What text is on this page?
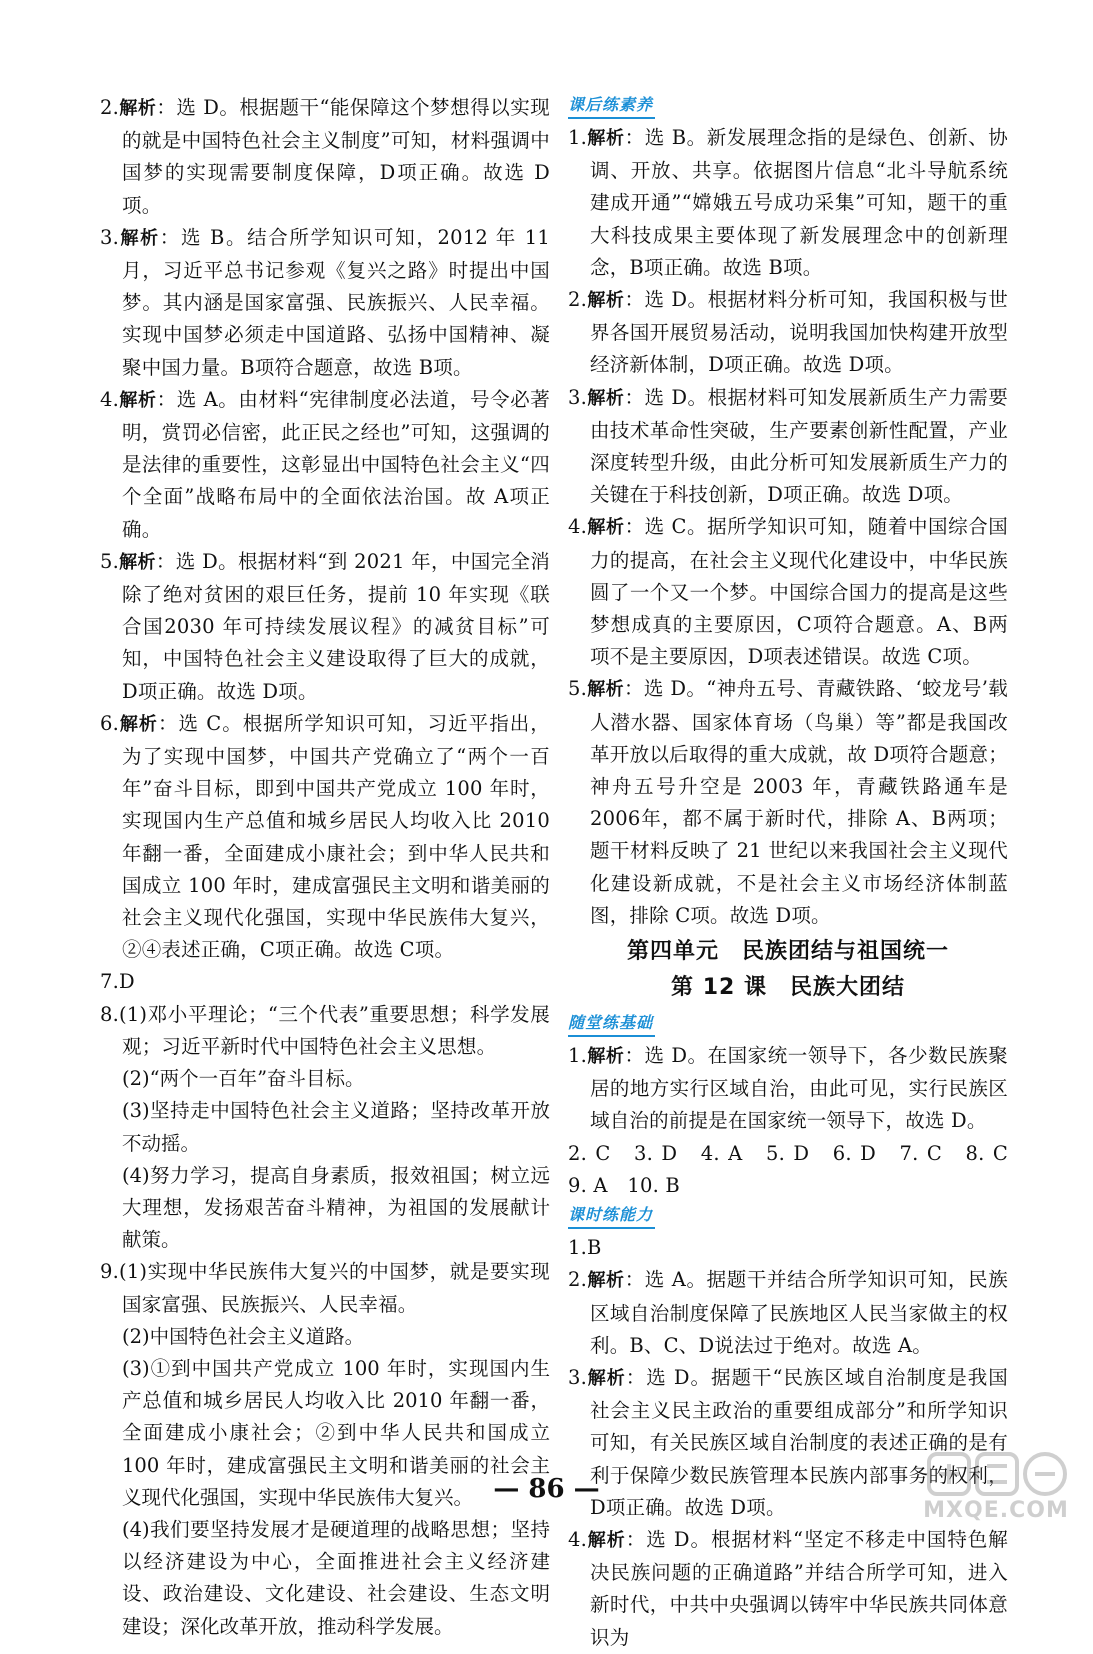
2.解析：选 D。根据题干“能保障这个梦想得以实现的就是中国特色社会主义制度”可知，材料强调中国梦的实现需要制度保障，D项正确。故选 D项。
3.解析：选 B。结合所学知识可知，2012 年 11 月，习近平总书记参观《复兴之路》时提出中国梦。其内涵是国家富强、民族振兴、人民幸福。实现中国梦必须走中国道路、弘扬中国精神、凝聚中国力量。B项符合题意，故选 B项。
4.解析：选 A。由材料“宪律制度必法道，号令必著明，赏罚必信密，此正民之经也”可知，这强调的是法律的重要性，这彰显出中国特色社会主义“四个全面”战略布局中的全面依法治国。故 A项正确。
5.解析：选 D。根据材料“到 2021 年，中国完全消除了绝对贫困的艰巨任务，提前 10 年实现《联合国2030 年可持续发展议程》的减贫目标”可知，中国特色社会主义建设取得了巨大的成就，D项正确。故选 D项。
6.解析：选 C。根据所学知识可知，习近平指出，为了实现中国梦，中国共产党确立了“两个一百年”奋斗目标，即到中国共产党成立 100 年时，实现国内生产总值和城乡居民人均收入比 2010 年翻一番，全面建成小康社会；到中华人民共和国成立 100 年时，建成富强民主文明和谐美丽的社会主义现代化强国，实现中华民族伟大复兴，②④表述正确，C项正确。故选 C项。
7.D
8.(1)邓小平理论；“三个代表”重要思想；科学发展观；习近平新时代中国特色社会主义思想。

(2)“两个一百年”奋斗目标。

(3)坚持走中国特色社会主义道路；坚持改革开放不动摇。

(4)努力学习，提高自身素质，报效祖国；树立远大理想，发扬艰苦奋斗精神，为祖国的发展献计献策。

9.(1)实现中华民族伟大复兴的中国梦，就是要实现国家富强、民族振兴、人民幸福。

(2)中国特色社会主义道路。

(3)①到中国共产党成立 100 年时，实现国内生产总值和城乡居民人均收入比 2010 年翻一番，全面建成小康社会；②到中华人民共和国成立 100 年时，建成富强民主文明和谐美丽的社会主义现代化强国，实现中华民族伟大复兴。

(4)我们要坚持发展才是硬道理的战略思想；坚持以经济建设为中心，全面推进社会主义经济建设、政治建设、文化建设、社会建设、生态文明建设；深化改革开放，推动科学发展。

课后练素养
1.解析：选 B。新发展理念指的是绿色、创新、协调、开放、共享。依据图片信息“北斗导航系统建成开通”“嫦娥五号成功采集”可知，题干的重大科技成果主要体现了新发展理念中的创新理念，B项正确。故选 B项。
2.解析：选 D。根据材料分析可知，我国积极与世界各国开展贸易活动，说明我国加快构建开放型经济新体制，D项正确。故选 D项。
3.解析：选 D。根据材料可知发展新质生产力需要由技术革命性突破，生产要素创新性配置，产业深度转型升级，由此分析可知发展新质生产力的关键在于科技创新，D项正确。故选 D项。
4.解析：选 C。据所学知识可知，随着中国综合国力的提高，在社会主义现代化建设中，中华民族圆了一个又一个梦。中国综合国力的提高是这些梦想成真的主要原因，C项符合题意。A、B两项不是主要原因，D项表述错误。故选 C项。
5.解析：选 D。“神舟五号、青藏铁路、‘蛟龙号’载人潜水器、国家体育场（鸟巢）等”都是我国改革开放以后取得的重大成就，故 D项符合题意；神舟五号升空是 2003 年，青藏铁路通车是 2006年，都不属于新时代，排除 A、B两项；题干材料反映了 21 世纪以来我国社会主义现代化建设新成就，不是社会主义市场经济体制蓝图，排除 C项。故选 D项。
第四单元　民族团结与祖国统一
第 12 课　民族大团结
随堂练基础
1.解析：选 D。在国家统一领导下，各少数民族聚居的地方实行区域自治，由此可见，实行民族区域自治的前提是在国家统一领导下，故选 D。
2. C　3. D　4. A　5. D　6. D　7. C　8. C　9. A　10. B
课时练能力
1.B
2.解析：选 A。据题干并结合所学知识可知，民族区域自治制度保障了民族地区人民当家做主的权利。B、C、D说法过于绝对。故选 A。
3.解析：选 D。据题干“民族区域自治制度是我国社会主义民主政治的重要组成部分”和所学知识可知，有关民族区域自治制度的表述正确的是有利于保障少数民族管理本民族内部事务的权利，D项正确。故选 D项。
4.解析：选 D。根据材料“坚定不移走中国特色解决民族问题的正确道路”并结合所学可知，进入新时代，中共中央强调以铸牢中华民族共同体意识为
— 86 —
MXQE.COM
